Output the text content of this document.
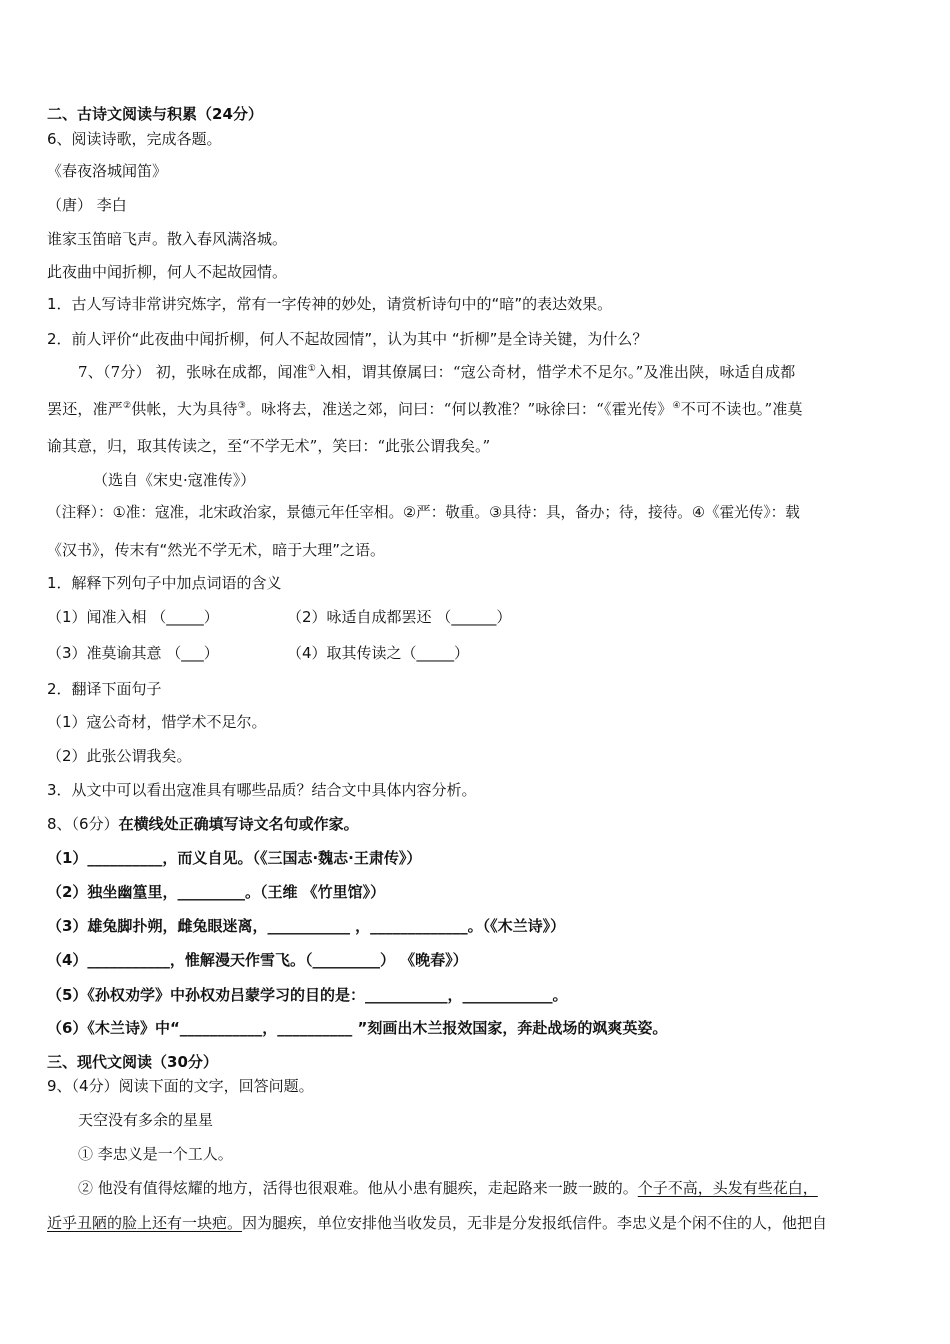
二、古诗文阅读与积累（24分）
6、阅读诗歌，完成各题。
《春夜洛城闻笛》
（唐） 李白
谁家玉笛暗飞声。散入春风满洛城。
此夜曲中闻折柳，何人不起故园情。
1．古人写诗非常讲究炼字，常有一字传神的妙处，请赏析诗句中的“暗”的表达效果。
2．前人评价“此夜曲中闻折柳，何人不起故园情”，认为其中 “折柳”是全诗关键，为什么？
7、（7分） 初，张咏在成都，闻准①入相，谓其僚属曰：“寇公奇材，惜学术不足尔。”及准出陕，咏适自成都
罢还，准严②供帐，大为具待③。咏将去，准送之郊，问曰：“何以教准？”咏徐曰：“《霍光传》④不可不读也。”准莫
谕其意，归，取其传读之，至“不学无术”，笑曰：“此张公谓我矣。”
（选自《宋史·寇准传》）
（注释）：①准：寇准，北宋政治家，景德元年任宰相。②严：敬重。③具待：具，备办；待，接待。④《霍光传》：载
《汉书》，传末有“然光不学无术，暗于大理”之语。
1．解释下列句子中加点词语的含义
（1）闻准入相 （_____）	（2）咏适自成都罢还 （______）
（3）准莫谕其意 （___）	（4）取其传读之（_____）
2．翻译下面句子
（1）寇公奇材，惜学术不足尔。
（2）此张公谓我矣。
3．从文中可以看出寇准具有哪些品质？结合文中具体内容分析。
8、（6分）在横线处正确填写诗文名句或作家。
（1）__________，而义自见。（《三国志·魏志·王肃传》）
（2）独坐幽篁里，_________。（王维 《竹里馆》）
（3）雄兔脚扑朔，雌兔眼迷离，___________ ，_____________。（《木兰诗》）
（4）___________，惟解漫天作雪飞。（_________） 《晚春》）
（5）《孙权劝学》中孙权劝吕蒙学习的目的是：___________，____________。
（6）《木兰诗》中“___________，__________ ”刻画出木兰报效国家，奔赴战场的飒爽英姿。
三、现代文阅读（30分）
9、（4分）阅读下面的文字，回答问题。
天空没有多余的星星
① 李忠义是一个工人。
② 他没有值得炫耀的地方，活得也很艰难。他从小患有腿疾，走起路来一跛一跛的。个子不高，头发有些花白，
近乎丑陋的脸上还有一块疤。因为腿疾，单位安排他当收发员，无非是分发报纸信件。李忠义是个闲不住的人，他把自
